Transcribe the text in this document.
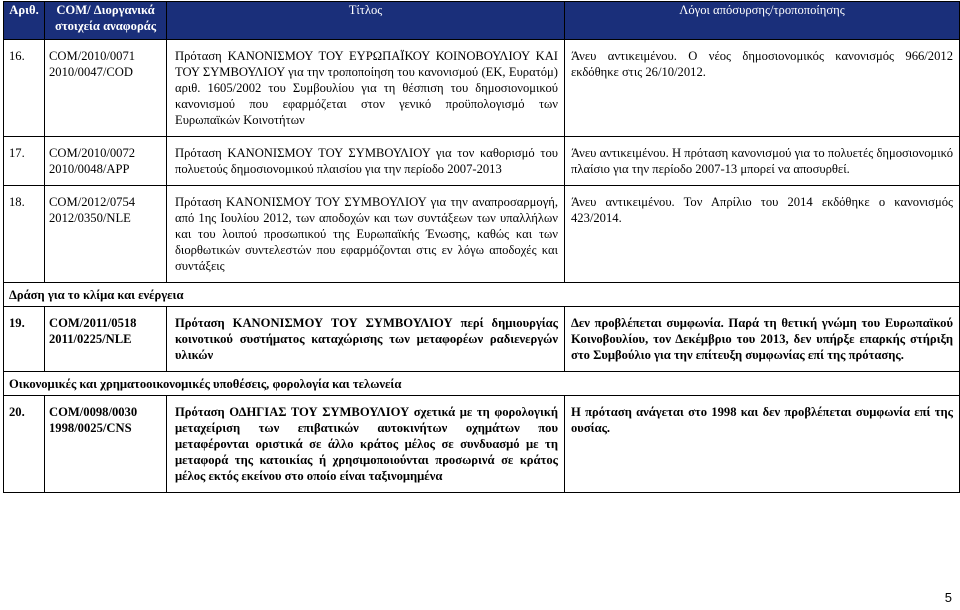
Αριθ.	COM/ Διοργανικά στοιχεία αναφοράς	Τίτλος	Λόγοι απόσυρσης/τροποποίησης
16.	COM/2010/0071 2010/0047/COD	Πρόταση ΚΑΝΟΝΙΣΜΟΥ ΤΟΥ ΕΥΡΩΠΑΪΚΟΥ ΚΟΙΝΟΒΟΥΛΙΟΥ ΚΑΙ ΤΟΥ ΣΥΜΒΟΥΛΙΟΥ για την τροποποίηση του κανονισμού (ΕΚ, Ευρατόμ) αριθ. 1605/2002 του Συμβουλίου για τη θέσπιση του δημοσιονομικού κανονισμού που εφαρμόζεται στον γενικό προϋπολογισμό των Ευρωπαϊκών Κοινοτήτων	Άνευ αντικειμένου. Ο νέος δημοσιονομικός κανονισμός 966/2012 εκδόθηκε στις 26/10/2012.
17.	COM/2010/0072 2010/0048/APP	Πρόταση ΚΑΝΟΝΙΣΜΟΥ ΤΟΥ ΣΥΜΒΟΥΛΙΟΥ για τον καθορισμό του πολυετούς δημοσιονομικού πλαισίου για την περίοδο 2007-2013	Άνευ αντικειμένου. Η πρόταση κανονισμού για το πολυετές δημοσιονομικό πλαίσιο για την περίοδο 2007-13 μπορεί να αποσυρθεί.
18.	COM/2012/0754 2012/0350/NLE	Πρόταση ΚΑΝΟΝΙΣΜΟΥ ΤΟΥ ΣΥΜΒΟΥΛΙΟΥ για την αναπροσαρμογή, από 1ης Ιουλίου 2012, των αποδοχών και των συντάξεων των υπαλλήλων και του λοιπού προσωπικού της Ευρωπαϊκής Ένωσης, καθώς και των διορθωτικών συντελεστών που εφαρμόζονται στις εν λόγω αποδοχές και συντάξεις	Άνευ αντικειμένου. Τον Απρίλιο του 2014 εκδόθηκε ο κανονισμός 423/2014.
Δράση για το κλίμα και ενέργεια			
19.	COM/2011/0518 2011/0225/NLE	Πρόταση ΚΑΝΟΝΙΣΜΟΥ ΤΟΥ ΣΥΜΒΟΥΛΙΟΥ περί δημιουργίας κοινοτικού συστήματος καταχώρισης των μεταφορέων ραδιενεργών υλικών	Δεν προβλέπεται συμφωνία. Παρά τη θετική γνώμη του Ευρωπαϊκού Κοινοβουλίου, τον Δεκέμβριο του 2013, δεν υπήρξε επαρκής στήριξη στο Συμβούλιο για την επίτευξη συμφωνίας επί της πρότασης.
Οικονομικές και χρηματοοικονομικές υποθέσεις, φορολογία και τελωνεία			
20.	COM/0098/0030 1998/0025/CNS	Πρόταση ΟΔΗΓΙΑΣ ΤΟΥ ΣΥΜΒΟΥΛΙΟΥ σχετικά με τη φορολογική μεταχείριση των επιβατικών αυτοκινήτων οχημάτων που μεταφέρονται οριστικά σε άλλο κράτος μέλος σε συνδυασμό με τη μεταφορά της κατοικίας ή χρησιμοποιούνται προσωρινά σε κράτος μέλος εκτός εκείνου στο οποίο είναι ταξινομημένα	Η πρόταση ανάγεται στο 1998 και δεν προβλέπεται συμφωνία επί της ουσίας.
5
